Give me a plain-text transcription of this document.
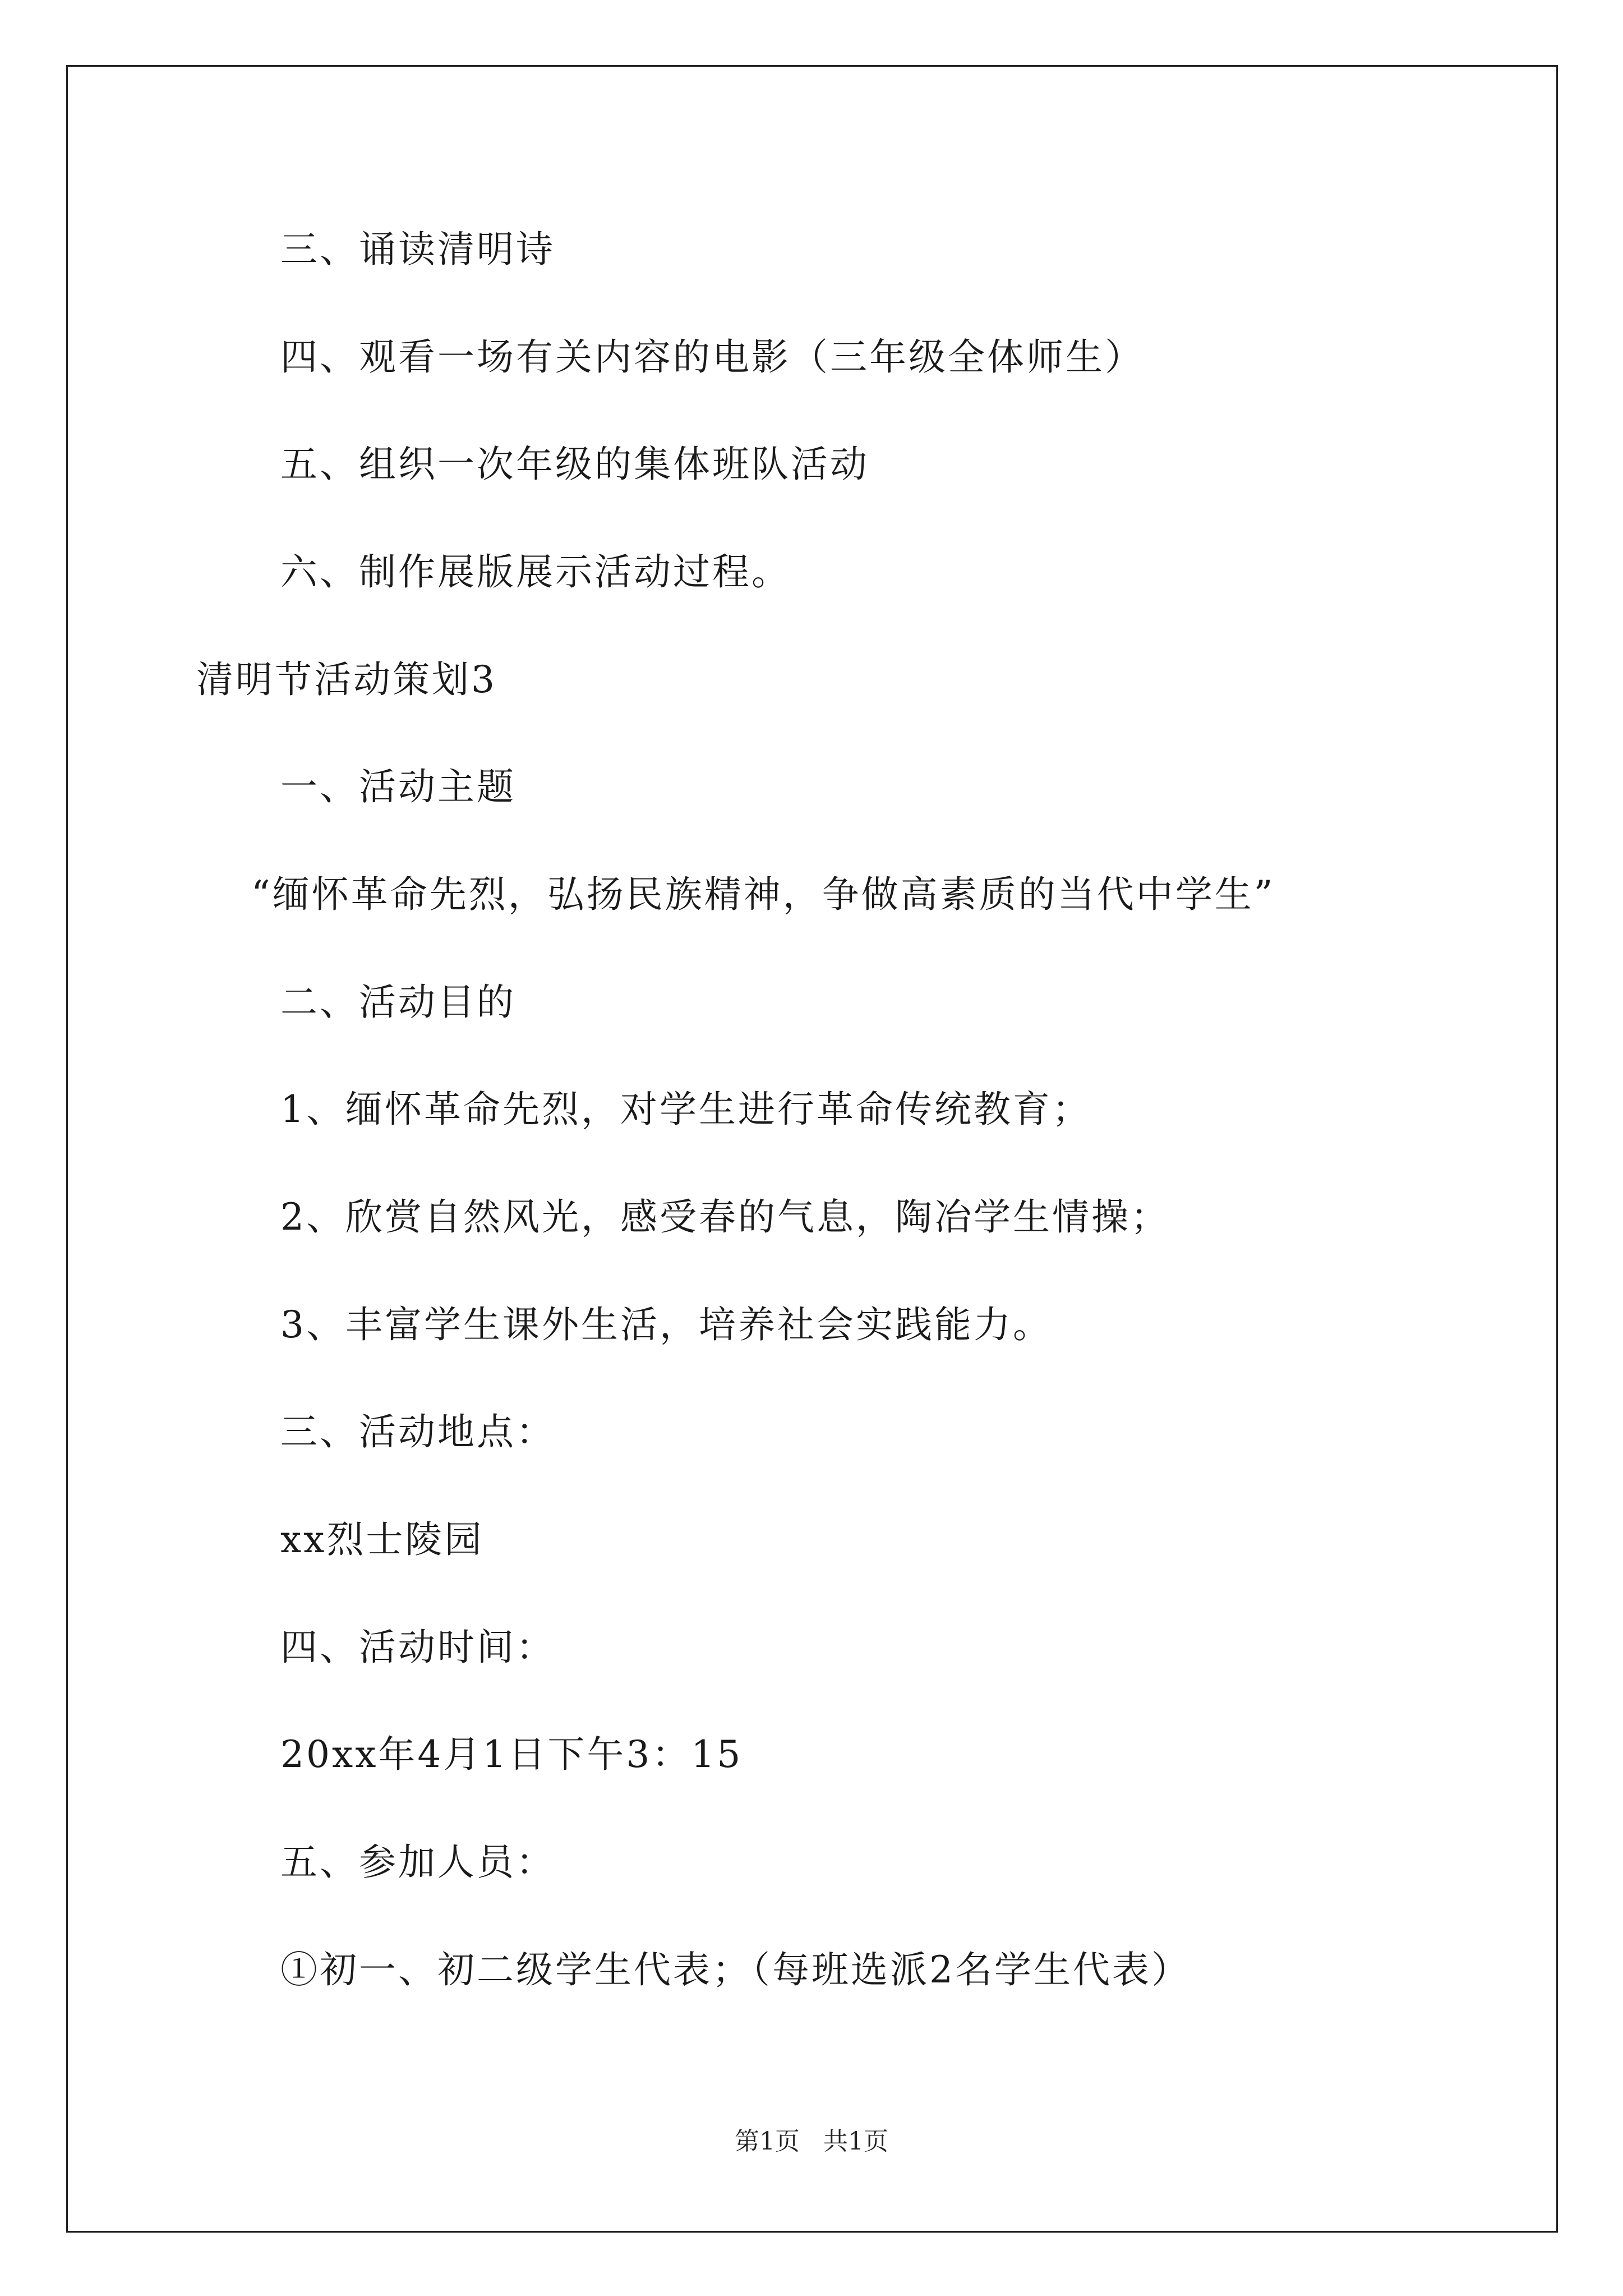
三、诵读清明诗
四、观看一场有关内容的电影（三年级全体师生）
五、组织一次年级的集体班队活动
六、制作展版展示活动过程。
清明节活动策划3
一、活动主题
“缅怀革命先烈，弘扬民族精神，争做高素质的当代中学生”
二、活动目的
1、缅怀革命先烈，对学生进行革命传统教育；
2、欣赏自然风光，感受春的气息，陶冶学生情操；
3、丰富学生课外生活，培养社会实践能力。
三、活动地点：
xx烈士陵园
四、活动时间：
20xx年4月1日下午3：15
五、参加人员：
①初一、初二级学生代表；（每班选派2名学生代表）
第1页   共1页
